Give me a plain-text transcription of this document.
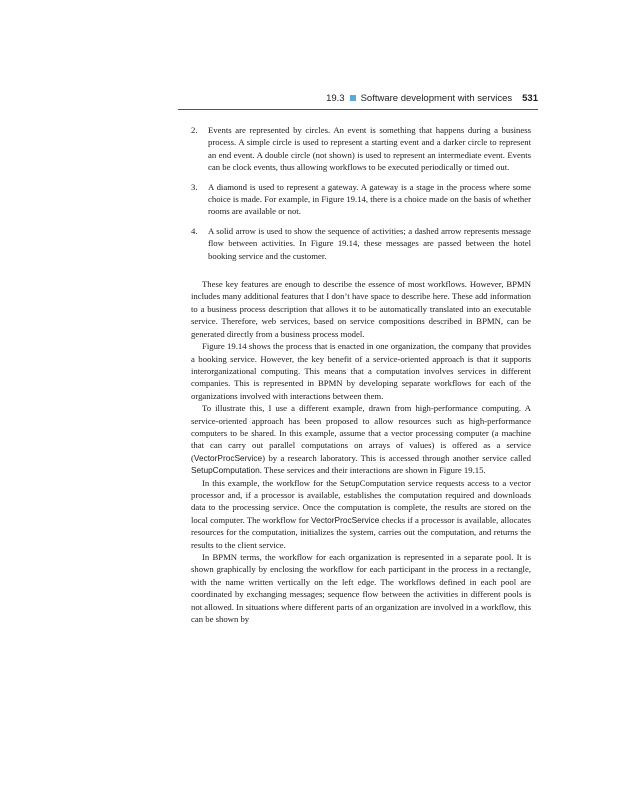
19.3 Software development with services 531
2. Events are represented by circles. An event is something that happens during a business process. A simple circle is used to represent a starting event and a darker circle to represent an end event. A double circle (not shown) is used to represent an intermediate event. Events can be clock events, thus allowing workflows to be executed periodically or timed out.
3. A diamond is used to represent a gateway. A gateway is a stage in the process where some choice is made. For example, in Figure 19.14, there is a choice made on the basis of whether rooms are available or not.
4. A solid arrow is used to show the sequence of activities; a dashed arrow represents message flow between activities. In Figure 19.14, these messages are passed between the hotel booking service and the customer.

These key features are enough to describe the essence of most workflows. However, BPMN includes many additional features that I don’t have space to describe here. These add information to a business process description that allows it to be automatically translated into an executable service. Therefore, web services, based on service compositions described in BPMN, can be generated directly from a business process model.

Figure 19.14 shows the process that is enacted in one organization, the company that provides a booking service. However, the key benefit of a service-oriented approach is that it supports interorganizational computing. This means that a computation involves services in different companies. This is represented in BPMN by developing separate workflows for each of the organizations involved with interactions between them.

To illustrate this, I use a different example, drawn from high-performance computing. A service-oriented approach has been proposed to allow resources such as high-performance computers to be shared. In this example, assume that a vector processing computer (a machine that can carry out parallel computations on arrays of values) is offered as a service (VectorProcService) by a research laboratory. This is accessed through another service called SetupComputation. These services and their interactions are shown in Figure 19.15.

In this example, the workflow for the SetupComputation service requests access to a vector processor and, if a processor is available, establishes the computation required and downloads data to the processing service. Once the computation is complete, the results are stored on the local computer. The workflow for VectorProcService checks if a processor is available, allocates resources for the computation, initializes the system, carries out the computation, and returns the results to the client service.

In BPMN terms, the workflow for each organization is represented in a separate pool. It is shown graphically by enclosing the workflow for each participant in the process in a rectangle, with the name written vertically on the left edge. The workflows defined in each pool are coordinated by exchanging messages; sequence flow between the activities in different pools is not allowed. In situations where different parts of an organization are involved in a workflow, this can be shown by
